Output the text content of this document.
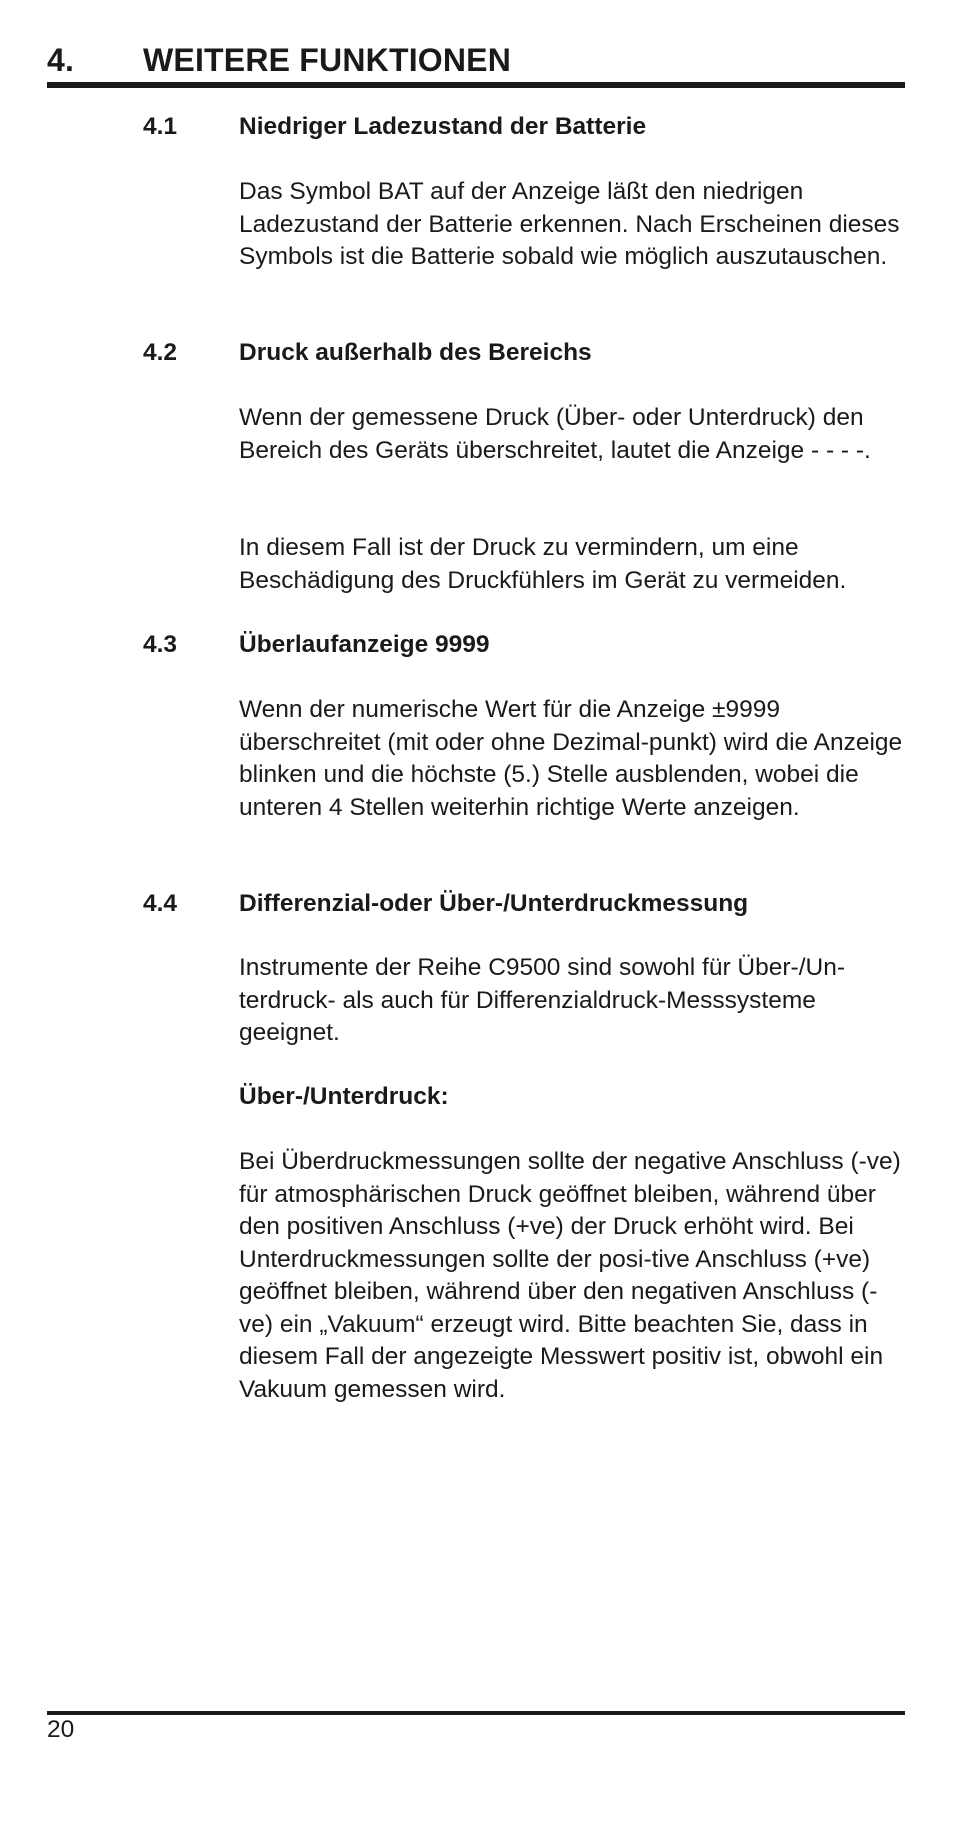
4. WEITERE FUNKTIONEN
4.1	Niedriger Ladezustand der Batterie

Das Symbol BAT auf der Anzeige läßt den niedrigen Ladezustand der Batterie erkennen. Nach Erscheinen dieses Symbols ist die Batterie sobald wie möglich auszutauschen.

4.2	Druck außerhalb des Bereichs

Wenn der gemessene Druck (Über- oder Unterdruck) den Bereich des Geräts überschreitet, lautet die Anzeige - - - -.

In diesem Fall ist der Druck zu vermindern, um eine Beschädigung des Druckfühlers im Gerät zu vermeiden.

4.3	Überlaufanzeige 9999

Wenn der numerische Wert für die Anzeige ±9999 überschreitet (mit oder ohne Dezimal-punkt) wird die Anzeige blinken und die höchste (5.) Stelle ausblenden, wobei die unteren 4 Stellen weiterhin richtige Werte anzeigen.

4.4	Differenzial-oder Über-/Unterdruckmessung

Instrumente der Reihe C9500 sind sowohl für Über-/Un-terdruck- als auch für Differenzialdruck-Messsysteme geeignet.

Über-/Unterdruck:

Bei Überdruckmessungen sollte der negative Anschluss (-ve) für atmosphärischen Druck geöffnet bleiben, während über den positiven Anschluss (+ve) der Druck erhöht wird. Bei Unterdruckmessungen sollte der posi-tive Anschluss (+ve) geöffnet bleiben, während über den negativen Anschluss (-ve) ein „Vakuum“ erzeugt wird. Bitte beachten Sie, dass in diesem Fall der angezeigte Messwert positiv ist, obwohl ein Vakuum gemessen wird.

20
